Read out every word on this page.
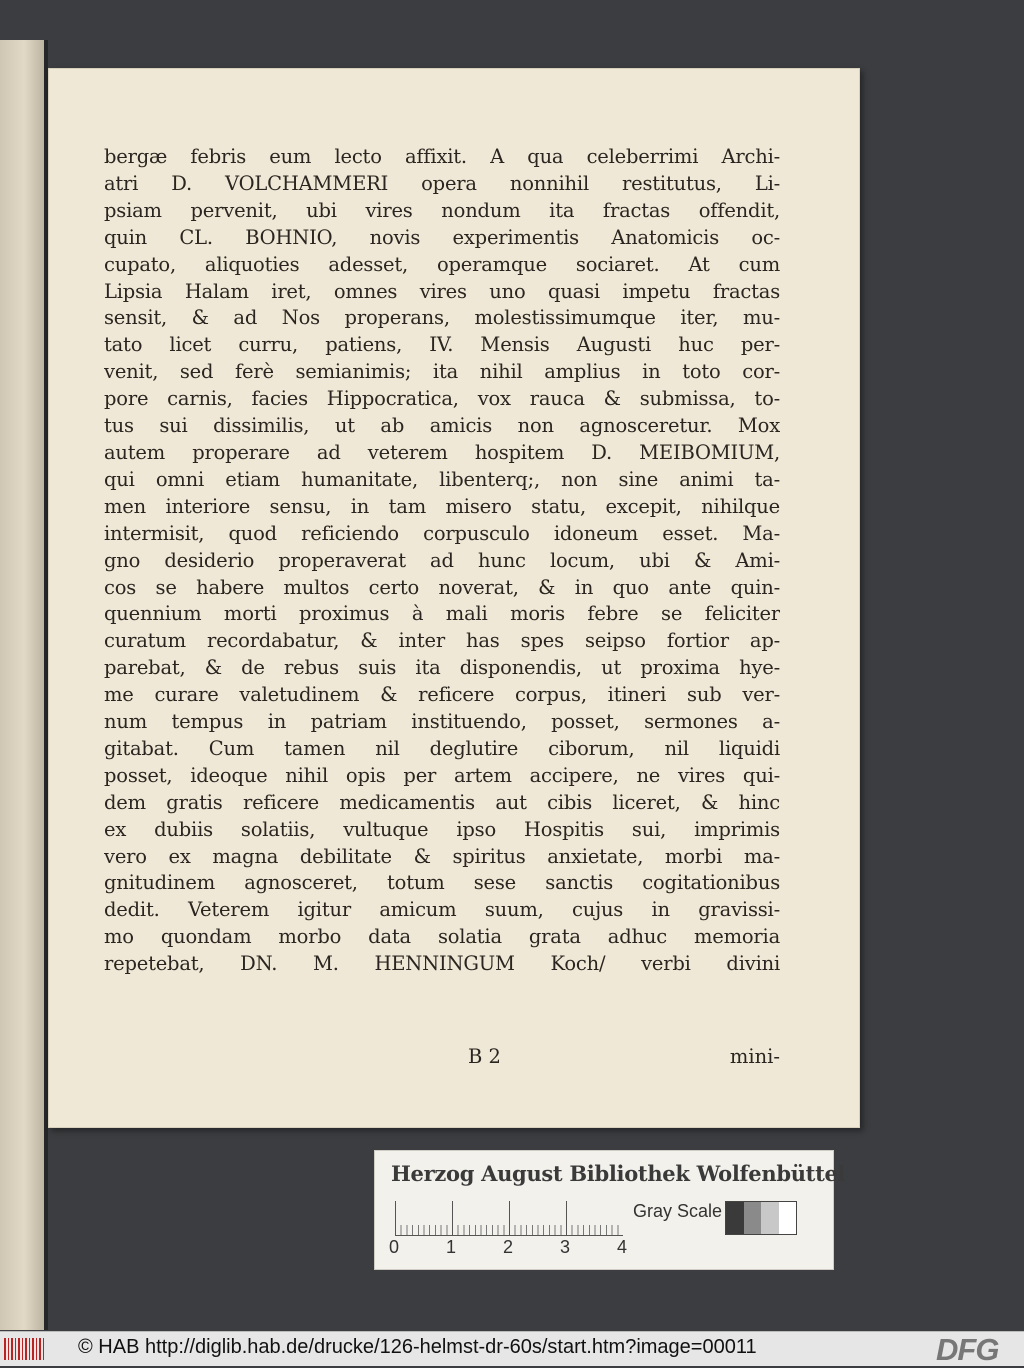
bergæ febris eum lecto affixit. A qua celeberrimi Archi-
atri D. VOLCHAMMERI opera nonnihil restitutus, Li-
psiam pervenit, ubi vires nondum ita fractas offendit,
quin CL. BOHNIO, novis experimentis Anatomicis oc-
cupato, aliquoties adesset, operamque sociaret. At cum
Lipsia Halam iret, omnes vires uno quasi impetu fractas
sensit, & ad Nos properans, molestissimumque iter, mu-
tato licet curru, patiens, IV. Mensis Augusti huc per-
venit, sed ferè semianimis; ita nihil amplius in toto cor-
pore carnis, facies Hippocratica, vox rauca & submissa, to-
tus sui dissimilis, ut ab amicis non agnosceretur. Mox
autem properare ad veterem hospitem D. MEIBOMIUM,
qui omni etiam humanitate, libenterq;, non sine animi ta-
men interiore sensu, in tam misero statu, excepit, nihilque
intermisit, quod reficiendo corpusculo idoneum esset. Ma-
gno desiderio properaverat ad hunc locum, ubi & Ami-
cos se habere multos certo noverat, & in quo ante quin-
quennium morti proximus à mali moris febre se feliciter
curatum recordabatur, & inter has spes seipso fortior ap-
parebat, & de rebus suis ita disponendis, ut proxima hye-
me curare valetudinem & reficere corpus, itineri sub ver-
num tempus in patriam instituendo, posset, sermones a-
gitabat. Cum tamen nil deglutire ciborum, nil liquidi
posset, ideoque nihil opis per artem accipere, ne vires qui-
dem gratis reficere medicamentis aut cibis liceret, & hinc
ex dubiis solatiis, vultuque ipso Hospitis sui, imprimis
vero ex magna debilitate & spiritus anxietate, morbi ma-
gnitudinem agnosceret, totum sese sanctis cogitationibus
dedit. Veterem igitur amicum suum, cujus in gravissi-
mo quondam morbo data solatia grata adhuc memoria
repetebat, DN. M. HENNINGUM Koch/ verbi divini
B 2	mini-
Herzog August Bibliothek Wolfenbüttel
0	1	2	3	4
Gray Scale
© HAB http://diglib.hab.de/drucke/126-helmst-dr-60s/start.htm?image=00011	DFG
